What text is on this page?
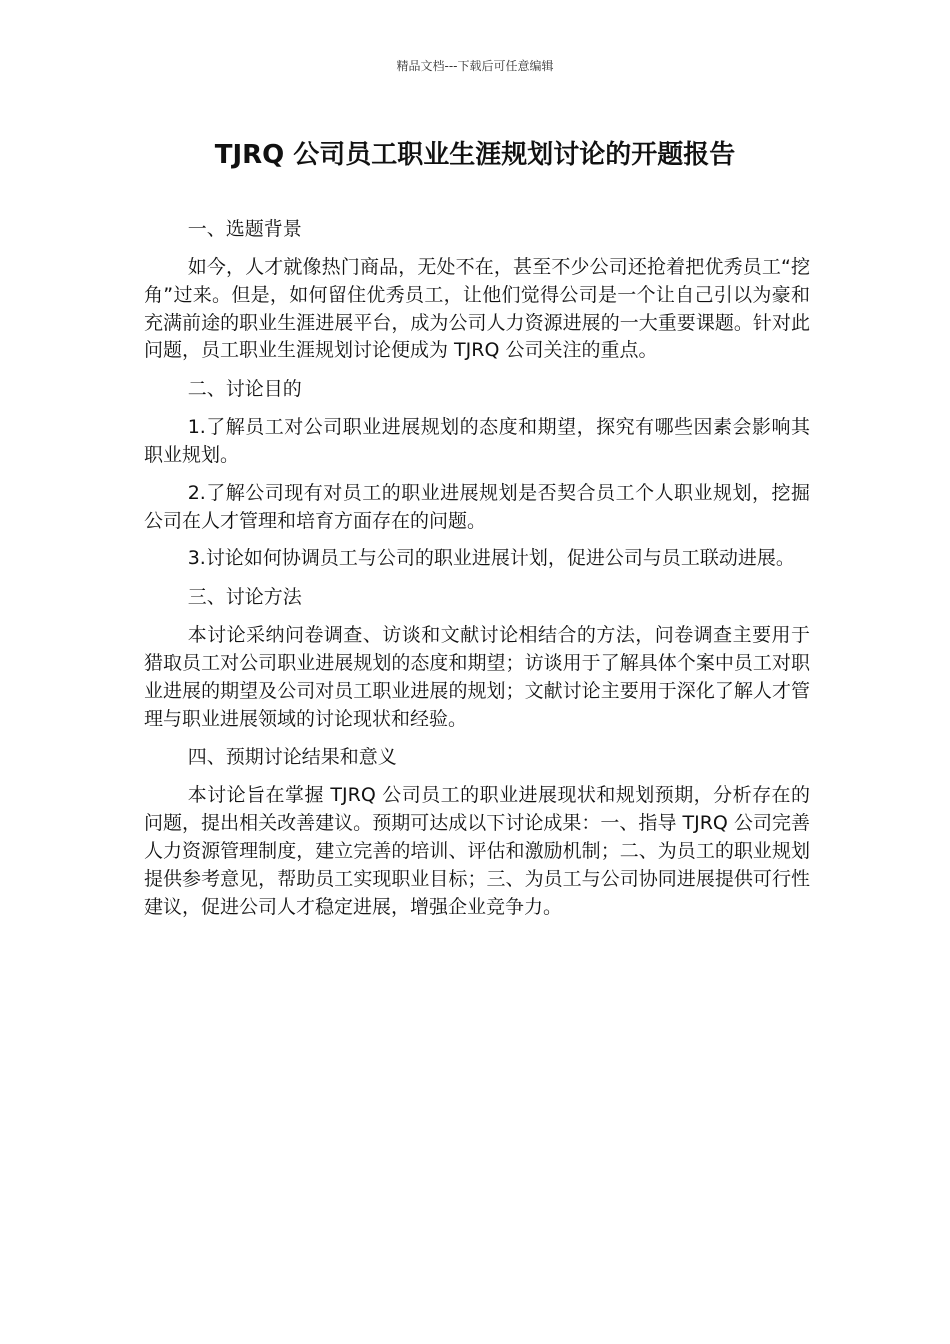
精品文档---下载后可任意编辑
TJRQ 公司员工职业生涯规划讨论的开题报告

一、选题背景

如今，人才就像热门商品，无处不在，甚至不少公司还抢着把优秀员工“挖角”过来。但是，如何留住优秀员工，让他们觉得公司是一个让自己引以为豪和充满前途的职业生涯进展平台，成为公司人力资源进展的一大重要课题。针对此问题，员工职业生涯规划讨论便成为 TJRQ 公司关注的重点。

二、讨论目的

1.了解员工对公司职业进展规划的态度和期望，探究有哪些因素会影响其职业规划。

2.了解公司现有对员工的职业进展规划是否契合员工个人职业规划，挖掘公司在人才管理和培育方面存在的问题。

3.讨论如何协调员工与公司的职业进展计划，促进公司与员工联动进展。

三、讨论方法

本讨论采纳问卷调查、访谈和文献讨论相结合的方法，问卷调查主要用于猎取员工对公司职业进展规划的态度和期望；访谈用于了解具体个案中员工对职业进展的期望及公司对员工职业进展的规划；文献讨论主要用于深化了解人才管理与职业进展领域的讨论现状和经验。

四、预期讨论结果和意义

本讨论旨在掌握 TJRQ 公司员工的职业进展现状和规划预期，分析存在的问题，提出相关改善建议。预期可达成以下讨论成果：一、指导 TJRQ 公司完善人力资源管理制度，建立完善的培训、评估和激励机制；二、为员工的职业规划提供参考意见，帮助员工实现职业目标；三、为员工与公司协同进展提供可行性建议，促进公司人才稳定进展，增强企业竞争力。
